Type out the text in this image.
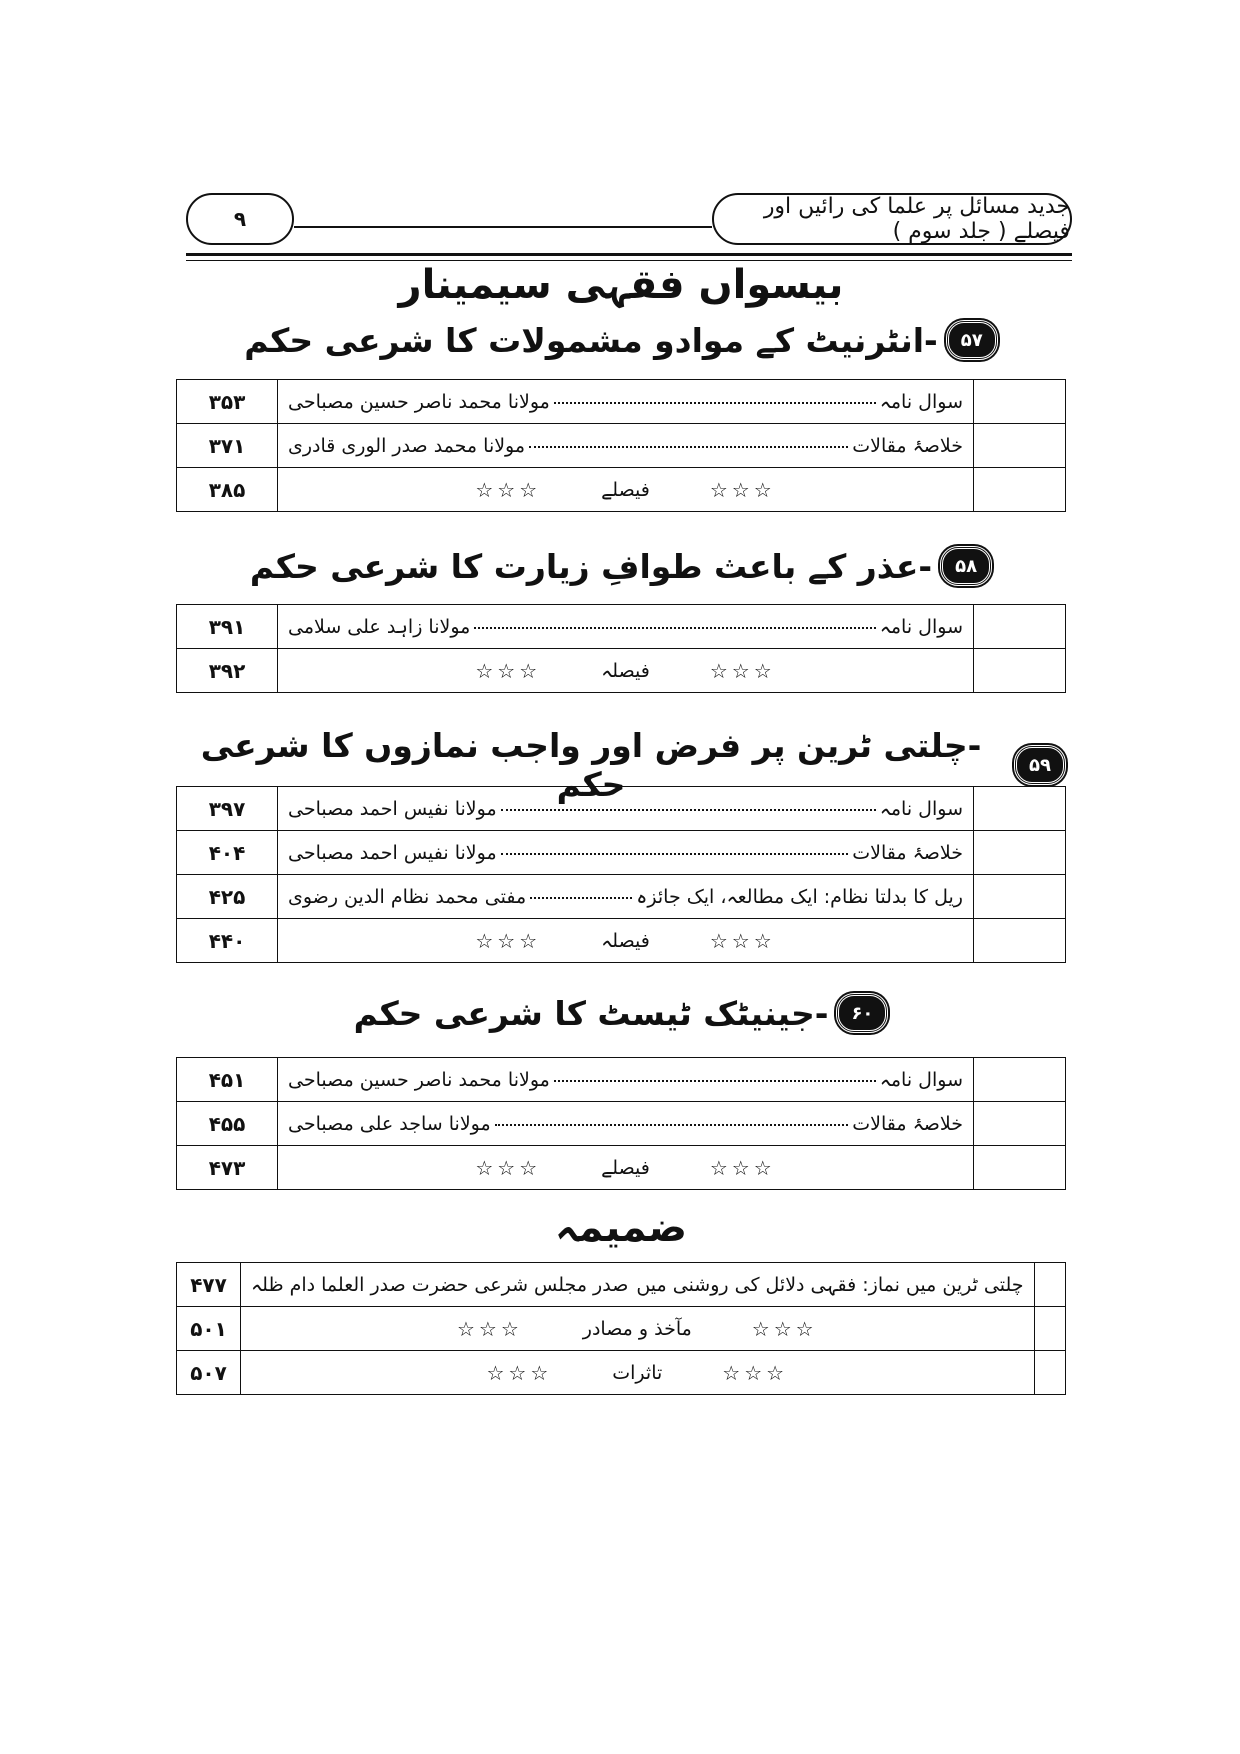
جدید مسائل پر علما کی رائیں اور فیصلے ( جلد سوم )
۹
بیسواں فقہی سیمینار
۵۷
-انٹرنیٹ کے موادو مشمولات کا شرعی حکم
۳۵۳	سوال نامہ
مولانا محمد ناصر حسین مصباحی	

۳۷۱	خلاصۂ مقالات
مولانا محمد صدر الوری قادری	

۳۸۵	☆☆☆
فیصلے
☆☆☆	

۵۸
-عذر کے باعث طوافِ زیارت کا شرعی حکم
۳۹۱	سوال نامہ
مولانا زاہد علی سلامی	

۳۹۲	☆☆☆
فیصلہ
☆☆☆	

۵۹
-چلتی ٹرین پر فرض اور واجب نمازوں کا شرعی حکم
۳۹۷	سوال نامہ
مولانا نفیس احمد مصباحی	

۴۰۴	خلاصۂ مقالات
مولانا نفیس احمد مصباحی	

۴۲۵	ریل کا بدلتا نظام: ایک مطالعہ، ایک جائزہ
مفتی محمد نظام الدین رضوی	

۴۴۰	☆☆☆
فیصلہ
☆☆☆	

۶۰
-جینیٹک ٹیسٹ کا شرعی حکم
۴۵۱	سوال نامہ
مولانا محمد ناصر حسین مصباحی	

۴۵۵	خلاصۂ مقالات
مولانا ساجد علی مصباحی	

۴۷۳	☆☆☆
فیصلے
☆☆☆	

ضمیمہ
۴۷۷	چلتی ٹرین میں نماز: فقہی دلائل کی روشنی میں
صدر مجلس شرعی حضرت صدر العلما دام ظلہ	

۵۰۱	☆☆☆
مآخذ و مصادر
☆☆☆	

۵۰۷	☆☆☆
تاثرات
☆☆☆	
